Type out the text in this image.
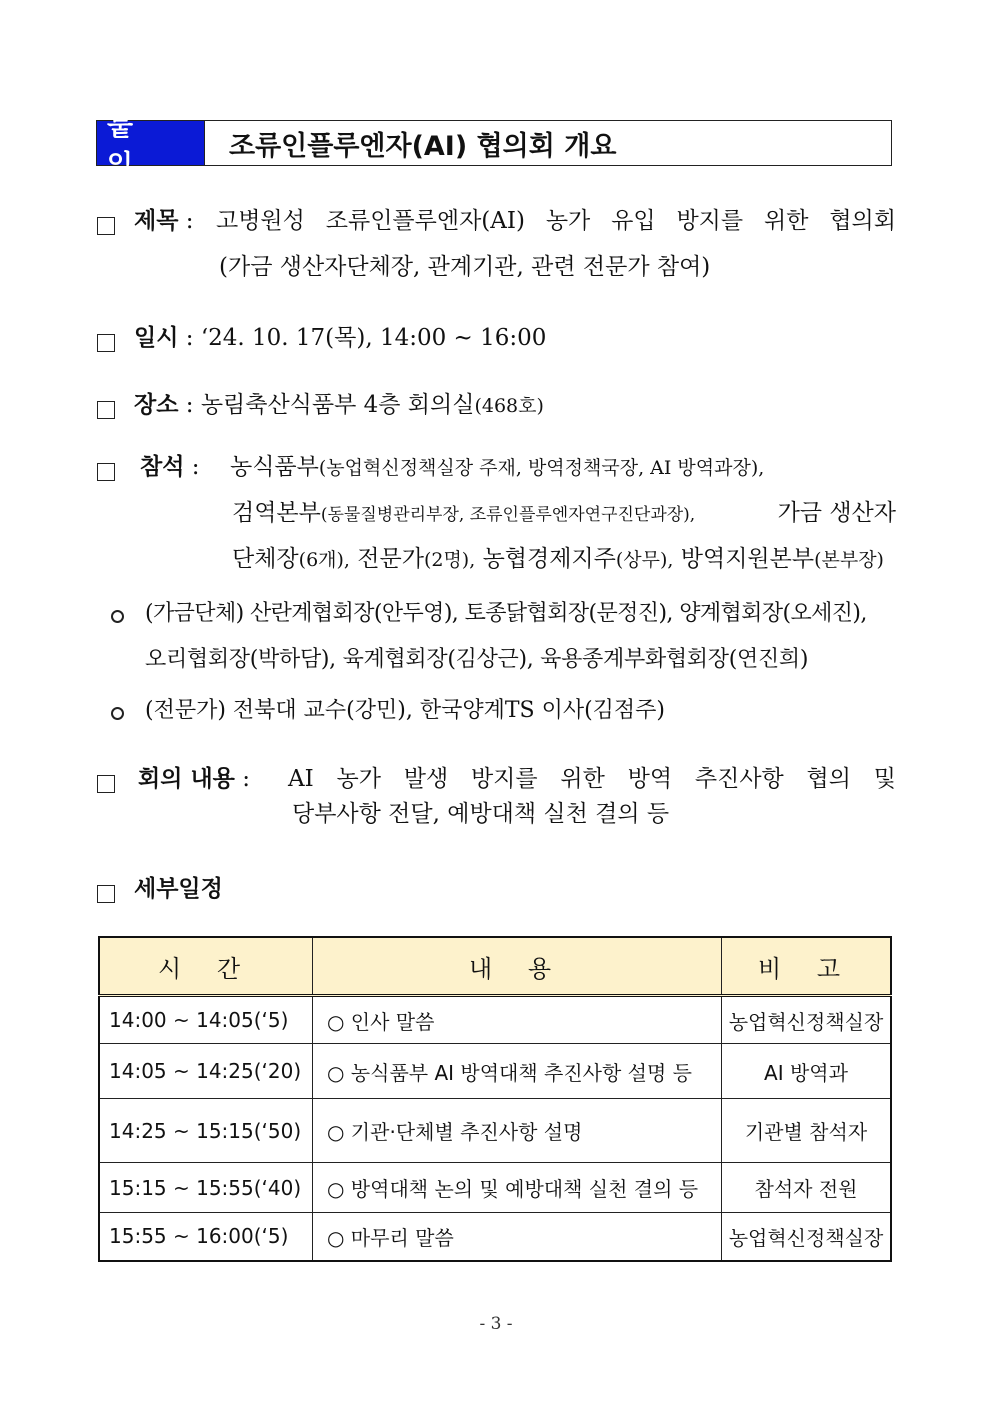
붙 임
조류인플루엔자(AI) 협의회 개요
제목 : 고병원성 조류인플루엔자(AI) 농가 유입 방지를 위한 협의회
(가금 생산자단체장, 관계기관, 관련 전문가 참여)
일시 : ‘24. 10. 17(목), 14:00 ~ 16:00
장소 : 농림축산식품부 4층 회의실(468호)
참석 : 농식품부(농업혁신정책실장 주재, 방역정책국장, AI 방역과장),
검역본부(동물질병관리부장, 조류인플루엔자연구진단과장),	가금 생산자
단체장(6개), 전문가(2명), 농협경제지주(상무), 방역지원본부(본부장)
(가금단체) 산란계협회장(안두영), 토종닭협회장(문정진), 양계협회장(오세진),
오리협회장(박하담), 육계협회장(김상근), 육용종계부화협회장(연진희)
(전문가) 전북대 교수(강민), 한국양계TS 이사(김점주)
회의 내용 : AI 농가 발생 방지를 위한 방역 추진사항 협의 및
당부사항 전달, 예방대책 실천 결의 등
세부일정
시 간	내 용	비 고
14:00 ~ 14:05(‘5)	○ 인사 말씀	농업혁신정책실장
14:05 ~ 14:25(‘20)	○ 농식품부 AI 방역대책 추진사항 설명 등	AI 방역과
14:25 ~ 15:15(‘50)	○ 기관·단체별 추진사항 설명	기관별 참석자
15:15 ~ 15:55(‘40)	○ 방역대책 논의 및 예방대책 실천 결의 등	참석자 전원
15:55 ~ 16:00(‘5)	○ 마무리 말씀	농업혁신정책실장
- 3 -
